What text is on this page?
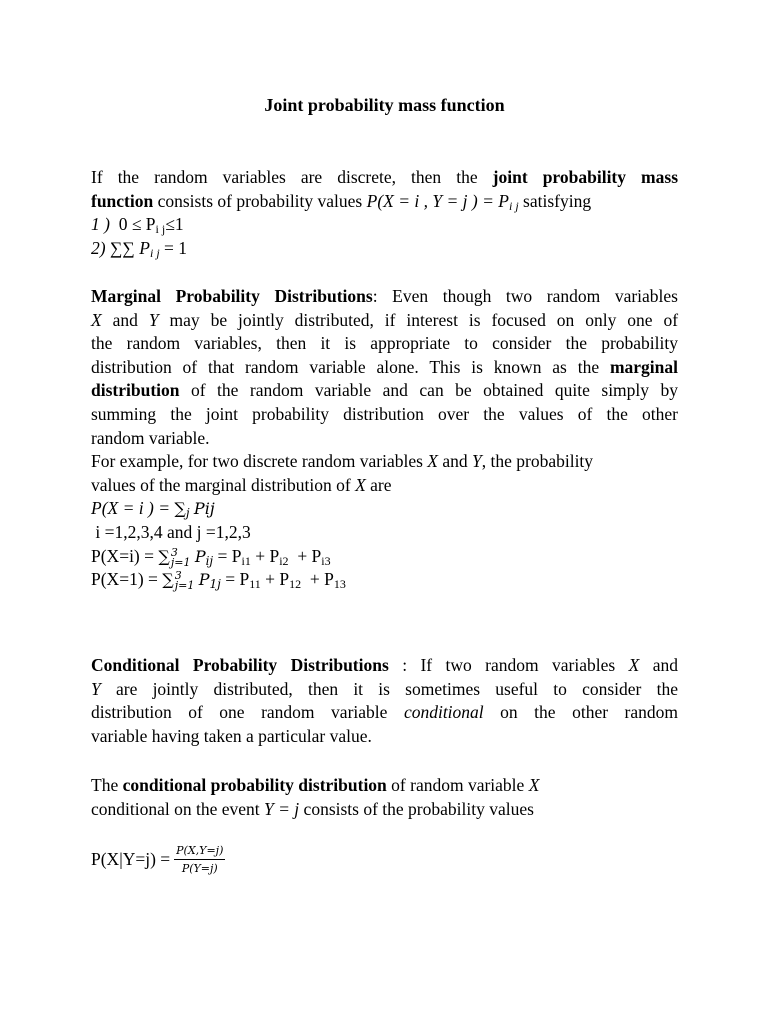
Joint probability mass function
If the random variables are discrete, then the joint probability mass
function consists of probability values P(X = i , Y = j ) = $P_{i j}$ satisfying
1 ) $0 \le P_{i j}\le 1$
2) ∑∑ $P_{i j} = 1$
Marginal Probability Distributions: Even though two random variables
X and Y may be jointly distributed, if interest is focused on only one of
the random variables, then it is appropriate to consider the probability
distribution of that random variable alone. This is known as the marginal
distribution of the random variable and can be obtained quite simply by
summing the joint probability distribution over the values of the other
random variable.
For example, for two discrete random variables X and Y, the probability
values of the marginal distribution of X are
P(X = i ) = $\sum_j$ Pij
i =1,2,3,4 and j =1,2,3
P(X=i) = ∑ 3
j=1 $P_{ij} = P_{i1} + P_{i2} + P_{i3}$
P(X=1) = ∑ 3
j=1 $P_{1j} = P_{11} + P_{12} + P_{13}$
Conditional Probability Distributions : If two random variables X and
Y are jointly distributed, then it is sometimes useful to consider the
distribution of one random variable conditional on the other random
variable having taken a particular value.
The conditional probability distribution of random variable X
conditional on the event Y = j consists of the probability values
$P(X|Y=j) = \frac{P(X,Y=j)}{P(Y=j)}$
